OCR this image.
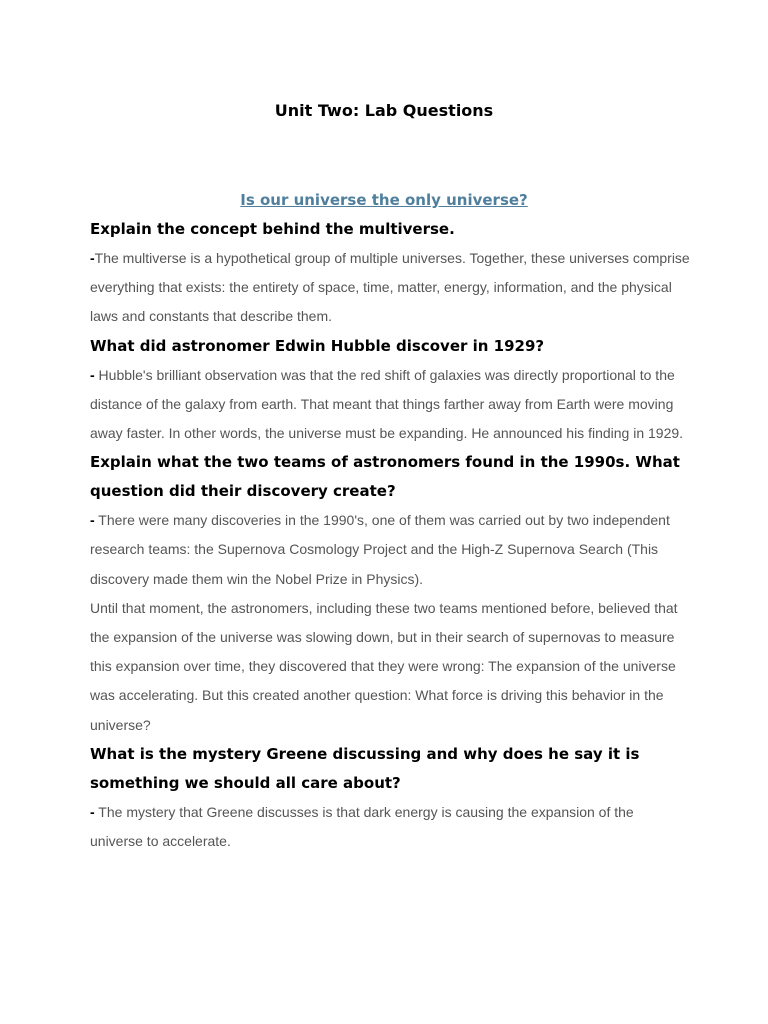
Unit Two: Lab Questions
Is our universe the only universe?

Explain the concept behind the multiverse.

-The multiverse is a hypothetical group of multiple universes. Together, these universes comprise everything that exists: the entirety of space, time, matter, energy, information, and the physical laws and constants that describe them.

What did astronomer Edwin Hubble discover in 1929?

- Hubble's brilliant observation was that the red shift of galaxies was directly proportional to the distance of the galaxy from earth. That meant that things farther away from Earth were moving away faster. In other words, the universe must be expanding. He announced his finding in 1929.

Explain what the two teams of astronomers found in the 1990s. What question did their discovery create?

- There were many discoveries in the 1990's, one of them was carried out by two independent research teams: the Supernova Cosmology Project and the High-Z Supernova Search (This discovery made them win the Nobel Prize in Physics).

Until that moment, the astronomers, including these two teams mentioned before, believed that the expansion of the universe was slowing down, but in their search of supernovas to measure this expansion over time, they discovered that they were wrong: The expansion of the universe was accelerating. But this created another question: What force is driving this behavior in the universe?

What is the mystery Greene discussing and why does he say it is something we should all care about?

- The mystery that Greene discusses is that dark energy is causing the expansion of the universe to accelerate.
